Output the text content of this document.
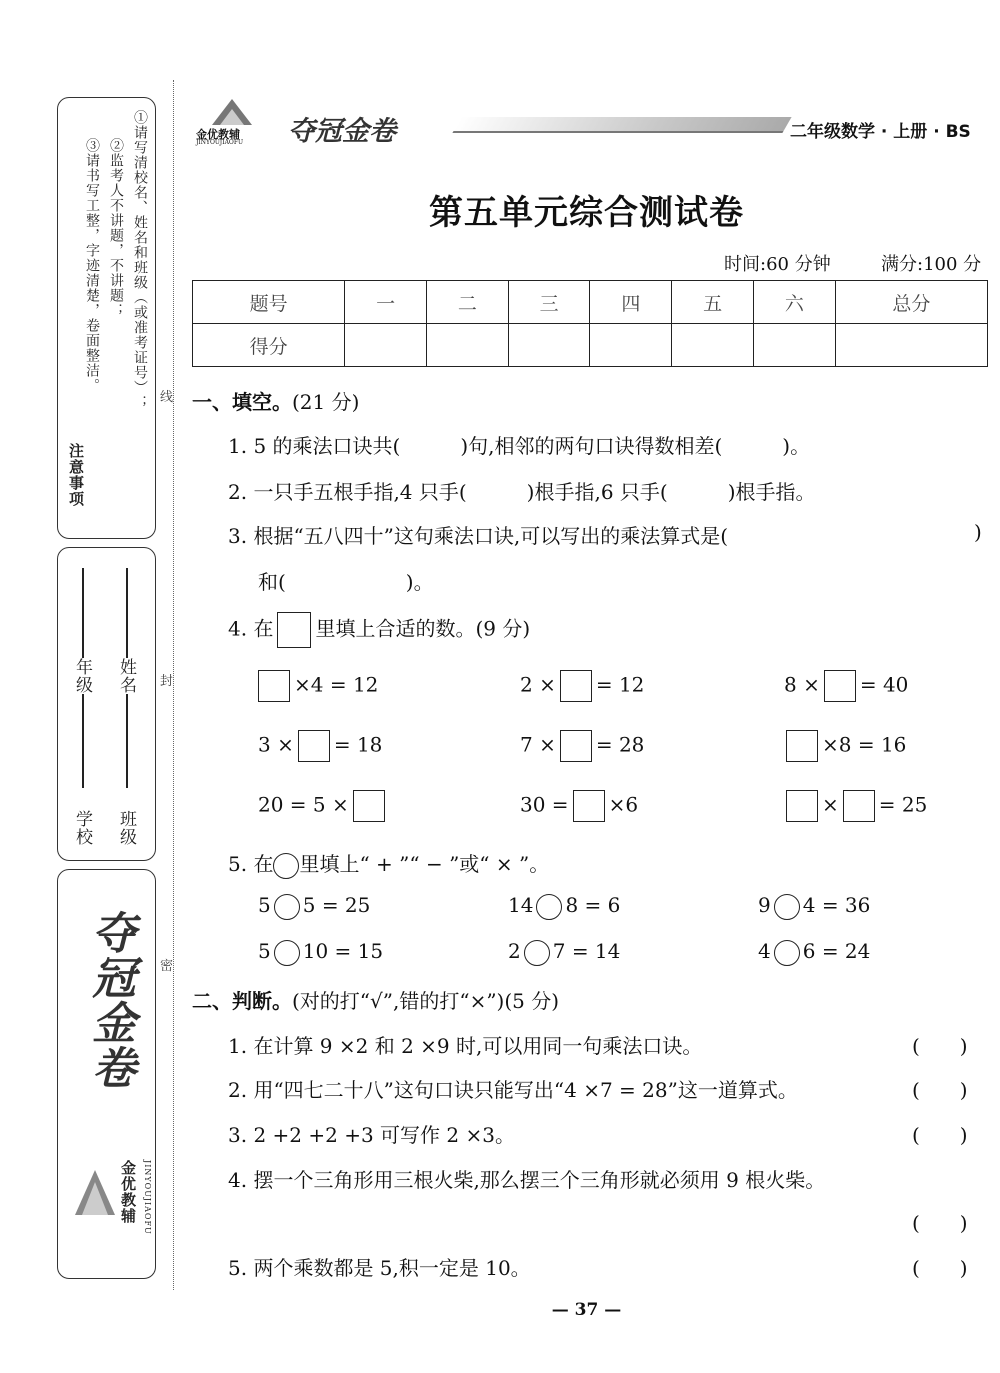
①请写清校名、姓名和班级（或准考证号）；
②监考人不讲题，不讲题；
③请书写工整，字迹清楚，卷面整洁。
注意事项
学校
年级
班级
姓名
夺冠金卷
金优教辅 JINYOUJIAOFU
线
封
密
金优教辅
JINYOUJIAOFU 夺冠金卷	二年级数学 · 上册 · BS
第五单元综合测试卷
时间:60 分钟	满分:100 分
题号	一	二	三	四	五	六	总分
得分							
一、填空。(21 分)
1. 5 的乘法口诀共(　　　)句,相邻的两句口诀得数相差(　　　)。
2. 一只手五根手指,4 只手(　　　)根手指,6 只手(　　　)根手指。
3. 根据“五八四十”这句乘法口诀,可以写出的乘法算式是(	)
和(　　　　　　)。
4. 在 里填上合适的数。(9 分)
×4 = 12	2 × = 12	8 × = 40
3 × = 18	7 × = 28	×8 = 16
20 = 5 ×	30 = ×6	× = 25
5. 在 里填上“ + ”“ − ”或“ × ”。
5 5 = 25	14 8 = 6	9 4 = 36
5 10 = 15	2 7 = 14	4 6 = 24
二、判断。(对的打“√”,错的打“×”)(5 分)
1. 在计算 9 ×2 和 2 ×9 时,可以用同一句乘法口诀。	(　　)
2. 用“四七二十八”这句口诀只能写出“4 ×7 = 28”这一道算式。	(　　)
3. 2 +2 +2 +3 可写作 2 ×3。	(　　)
4. 摆一个三角形用三根火柴,那么摆三个三角形就必须用 9 根火柴。
(　　)
5. 两个乘数都是 5,积一定是 10。	(　　)
— 37 —
